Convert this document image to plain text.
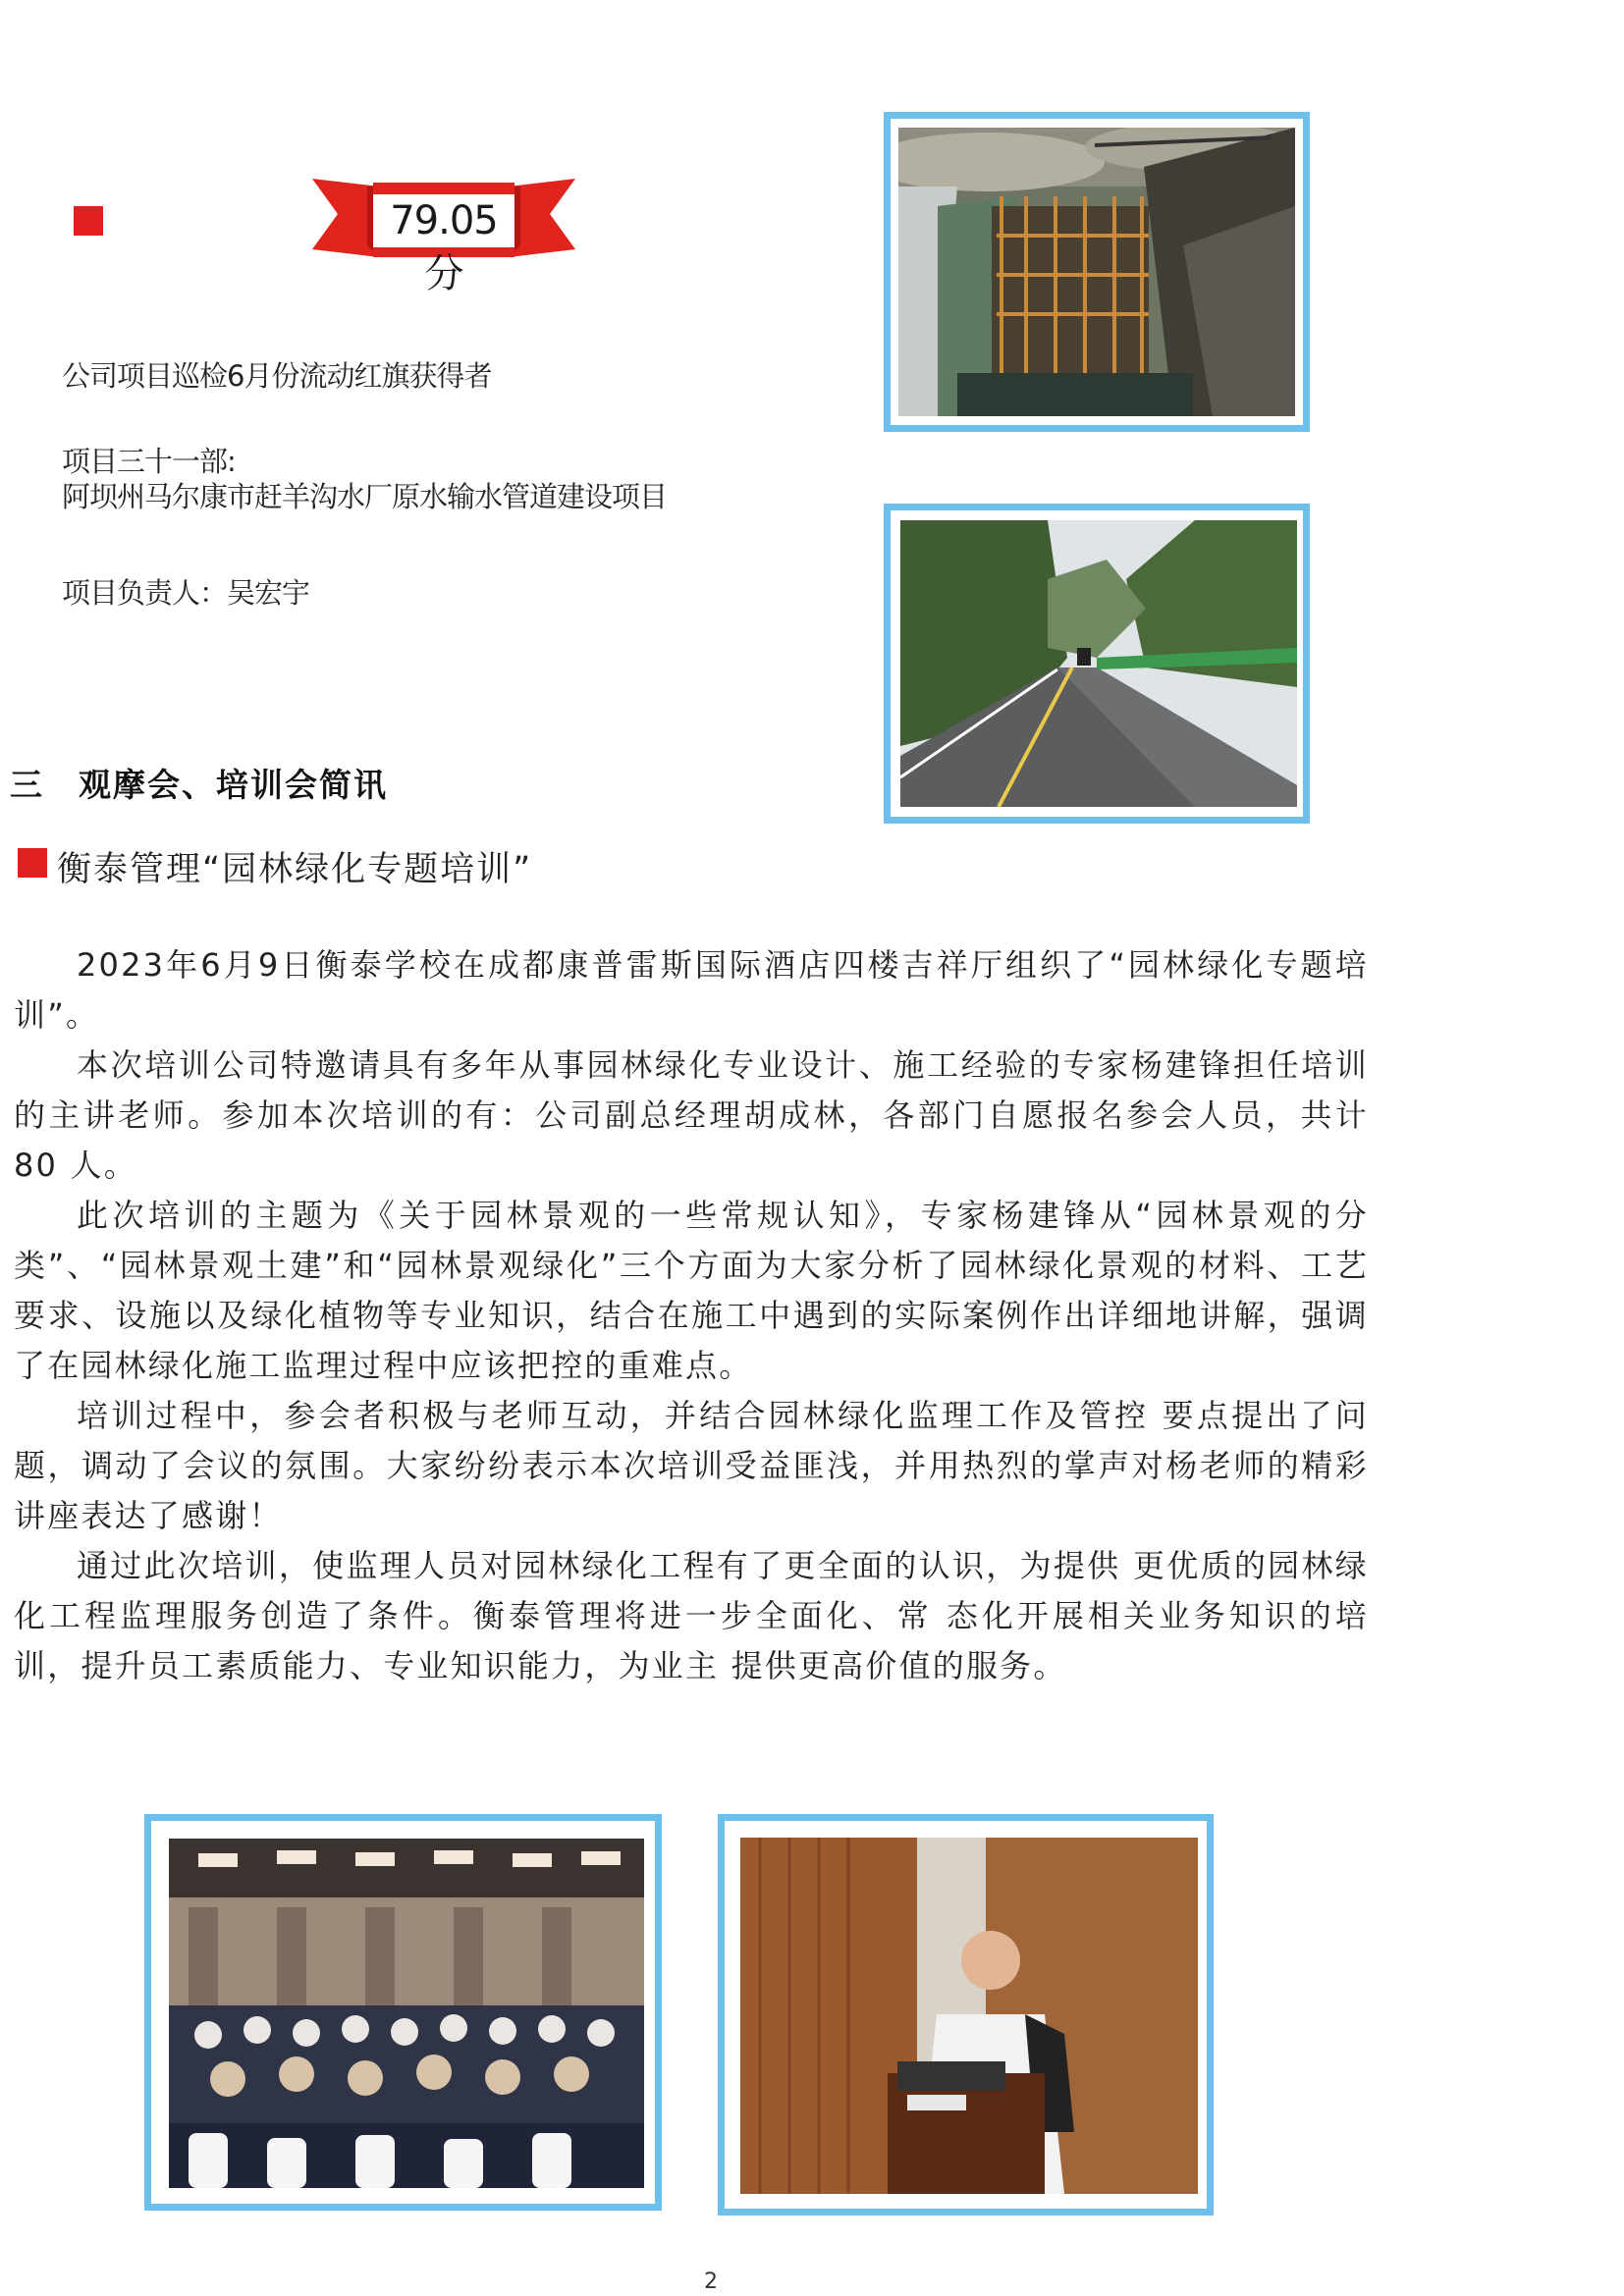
79.05分
公司项目巡检6月份流动红旗获得者
项目三十一部:
阿坝州马尔康市赶羊沟水厂原水输水管道建设项目
项目负责人：吴宏宇
三　观摩会、培训会简讯
衡泰管理“园林绿化专题培训”

2023年6月9日衡泰学校在成都康普雷斯国际酒店四楼吉祥厅组织了“园林绿化专题培训”。

本次培训公司特邀请具有多年从事园林绿化专业设计、施工经验的专家杨建锋担任培训的主讲老师。参加本次培训的有：公司副总经理胡成林，各部门自愿报名参会人员，共计 80 人。

此次培训的主题为《关于园林景观的一些常规认知》，专家杨建锋从“园林景观的分类”、“园林景观土建”和“园林景观绿化”三个方面为大家分析了园林绿化景观的材料、工艺要求、设施以及绿化植物等专业知识，结合在施工中遇到的实际案例作出详细地讲解，强调了在园林绿化施工监理过程中应该把控的重难点。

培训过程中，参会者积极与老师互动，并结合园林绿化监理工作及管控 要点提出了问题，调动了会议的氛围。大家纷纷表示本次培训受益匪浅，并用热烈的掌声对杨老师的精彩讲座表达了感谢！

通过此次培训，使监理人员对园林绿化工程有了更全面的认识，为提供 更优质的园林绿化工程监理服务创造了条件。衡泰管理将进一步全面化、常 态化开展相关业务知识的培训，提升员工素质能力、专业知识能力，为业主 提供更高价值的服务。

2
